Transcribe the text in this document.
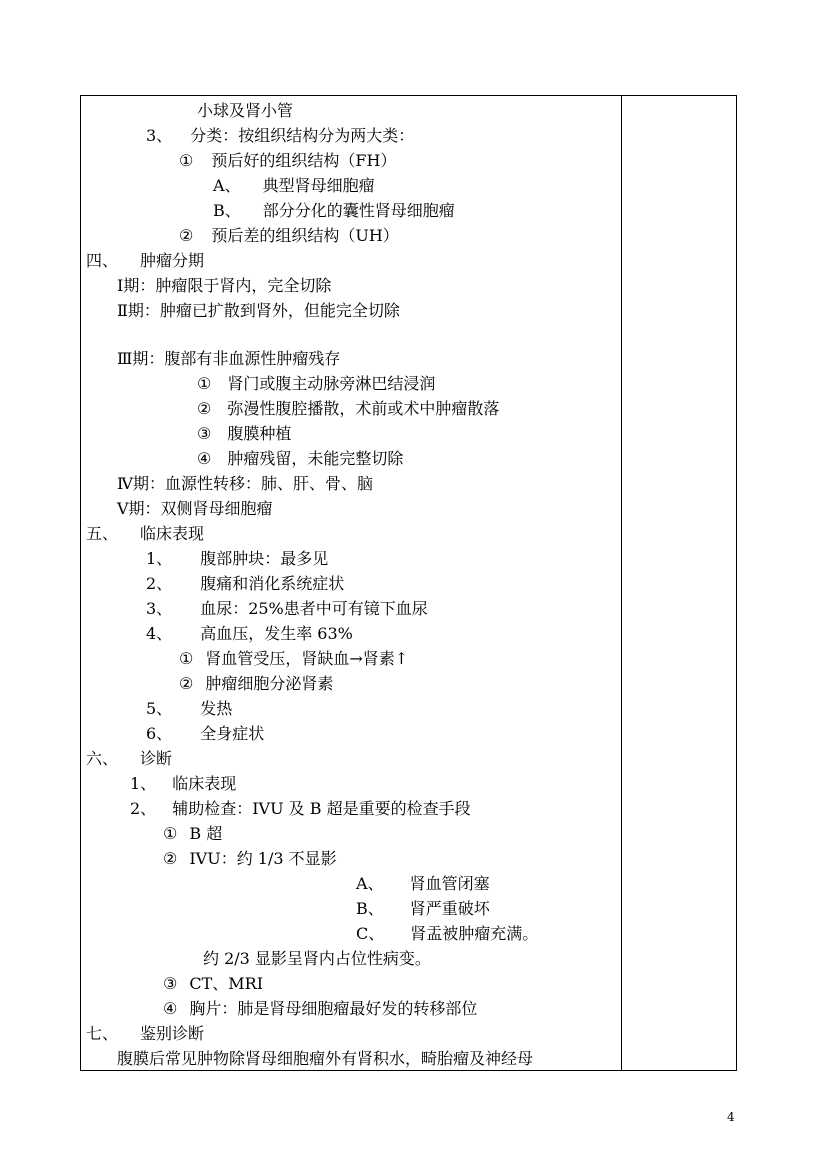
小球及肾小管
3、 分类：按组织结构分为两大类：
① 预后好的组织结构（FH）
A、 典型肾母细胞瘤
B、 部分分化的囊性肾母细胞瘤
② 预后差的组织结构（UH）
四、 肿瘤分期
Ⅰ期：肿瘤限于肾内，完全切除
Ⅱ期：肿瘤已扩散到肾外，但能完全切除
Ⅲ期：腹部有非血源性肿瘤残存
① 肾门或腹主动脉旁淋巴结浸润
② 弥漫性腹腔播散，术前或术中肿瘤散落
③ 腹膜种植
④ 肿瘤残留，未能完整切除
Ⅳ期：血源性转移：肺、肝、骨、脑
Ⅴ期：双侧肾母细胞瘤
五、 临床表现
1、 腹部肿块：最多见
2、 腹痛和消化系统症状
3、 血尿：25%患者中可有镜下血尿
4、 高血压，发生率 63%
① 肾血管受压，肾缺血→肾素↑
② 肿瘤细胞分泌肾素
5、 发热
6、 全身症状
六、 诊断
1、 临床表现
2、 辅助检查：IVU 及 B 超是重要的检查手段
① B 超
② IVU：约 1/3 不显影
A、 肾血管闭塞
B、 肾严重破坏
C、 肾盂被肿瘤充满。
约 2/3 显影呈肾内占位性病变。
③ CT、MRI
④ 胸片：肺是肾母细胞瘤最好发的转移部位
七、 鉴别诊断
腹膜后常见肿物除肾母细胞瘤外有肾积水，畸胎瘤及神经母
4
